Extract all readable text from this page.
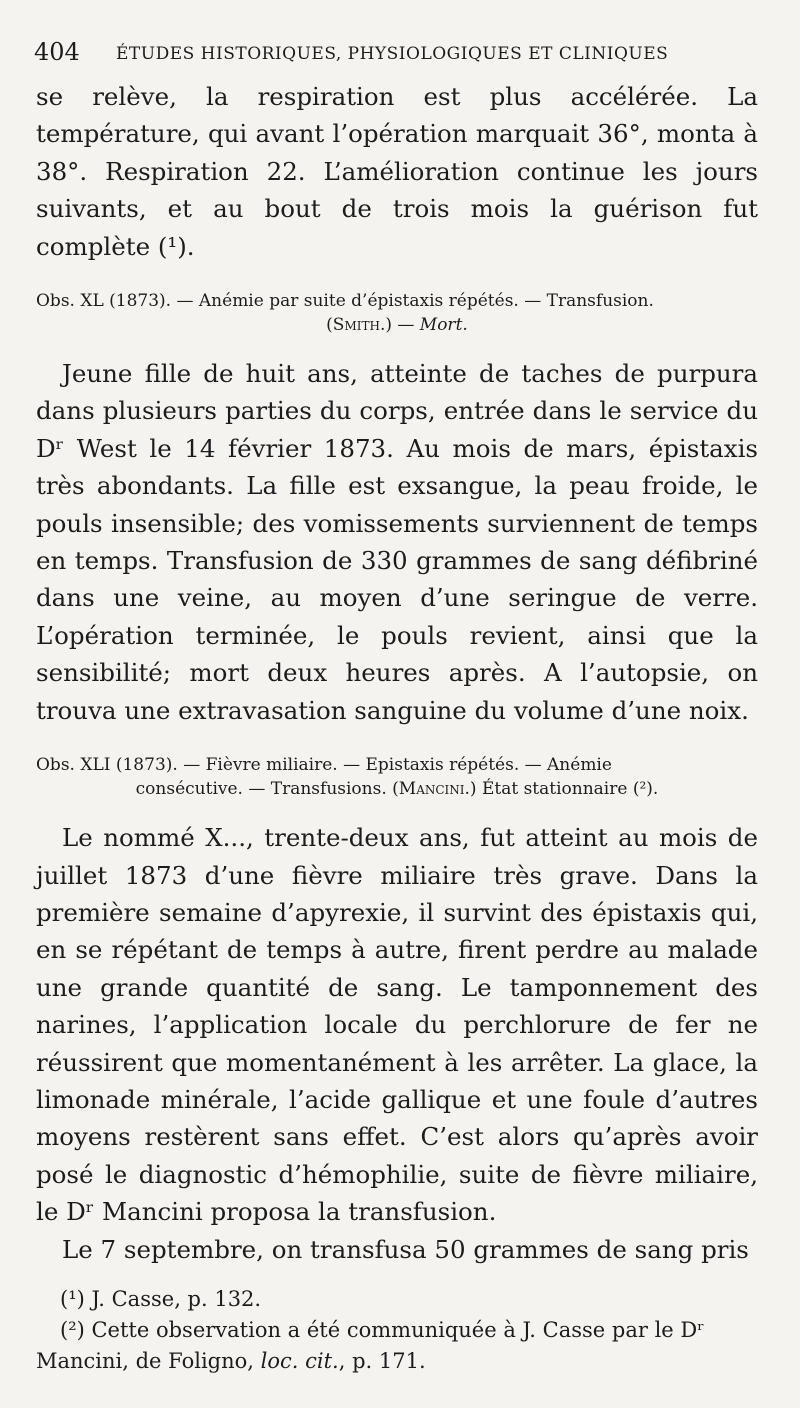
404 ÉTUDES HISTORIQUES, PHYSIOLOGIQUES ET CLINIQUES

se relève, la respiration est plus accélérée. La température, qui avant l’opération marquait 36°, monta à 38°. Respiration 22. L’amélioration continue les jours suivants, et au bout de trois mois la guérison fut complète (¹).

Obs. XL (1873). — Anémie par suite d’épistaxis répétés. — Transfusion.
(Smith.) — Mort.

Jeune fille de huit ans, atteinte de taches de purpura dans plusieurs parties du corps, entrée dans le service du Dʳ West le 14 février 1873. Au mois de mars, épistaxis très abondants. La fille est exsangue, la peau froide, le pouls insensible; des vomissements surviennent de temps en temps. Transfusion de 330 grammes de sang défibriné dans une veine, au moyen d’une seringue de verre. L’opération terminée, le pouls revient, ainsi que la sensibilité; mort deux heures après. A l’autopsie, on trouva une extravasation sanguine du volume d’une noix.

Obs. XLI (1873). — Fièvre miliaire. — Epistaxis répétés. — Anémie
consécutive. — Transfusions. (Mancini.) État stationnaire (²).

Le nommé X..., trente-deux ans, fut atteint au mois de juillet 1873 d’une fièvre miliaire très grave. Dans la première semaine d’apyrexie, il survint des épistaxis qui, en se répétant de temps à autre, firent perdre au malade une grande quantité de sang. Le tamponnement des narines, l’application locale du perchlorure de fer ne réussirent que momentanément à les arrêter. La glace, la limonade minérale, l’acide gallique et une foule d’autres moyens restèrent sans effet. C’est alors qu’après avoir posé le diagnostic d’hémophilie, suite de fièvre miliaire, le Dʳ Mancini proposa la transfusion.

Le 7 septembre, on transfusa 50 grammes de sang pris

(¹) J. Casse, p. 132.

(²) Cette observation a été communiquée à J. Casse par le Dʳ Mancini, de Foligno, loc. cit., p. 171.
